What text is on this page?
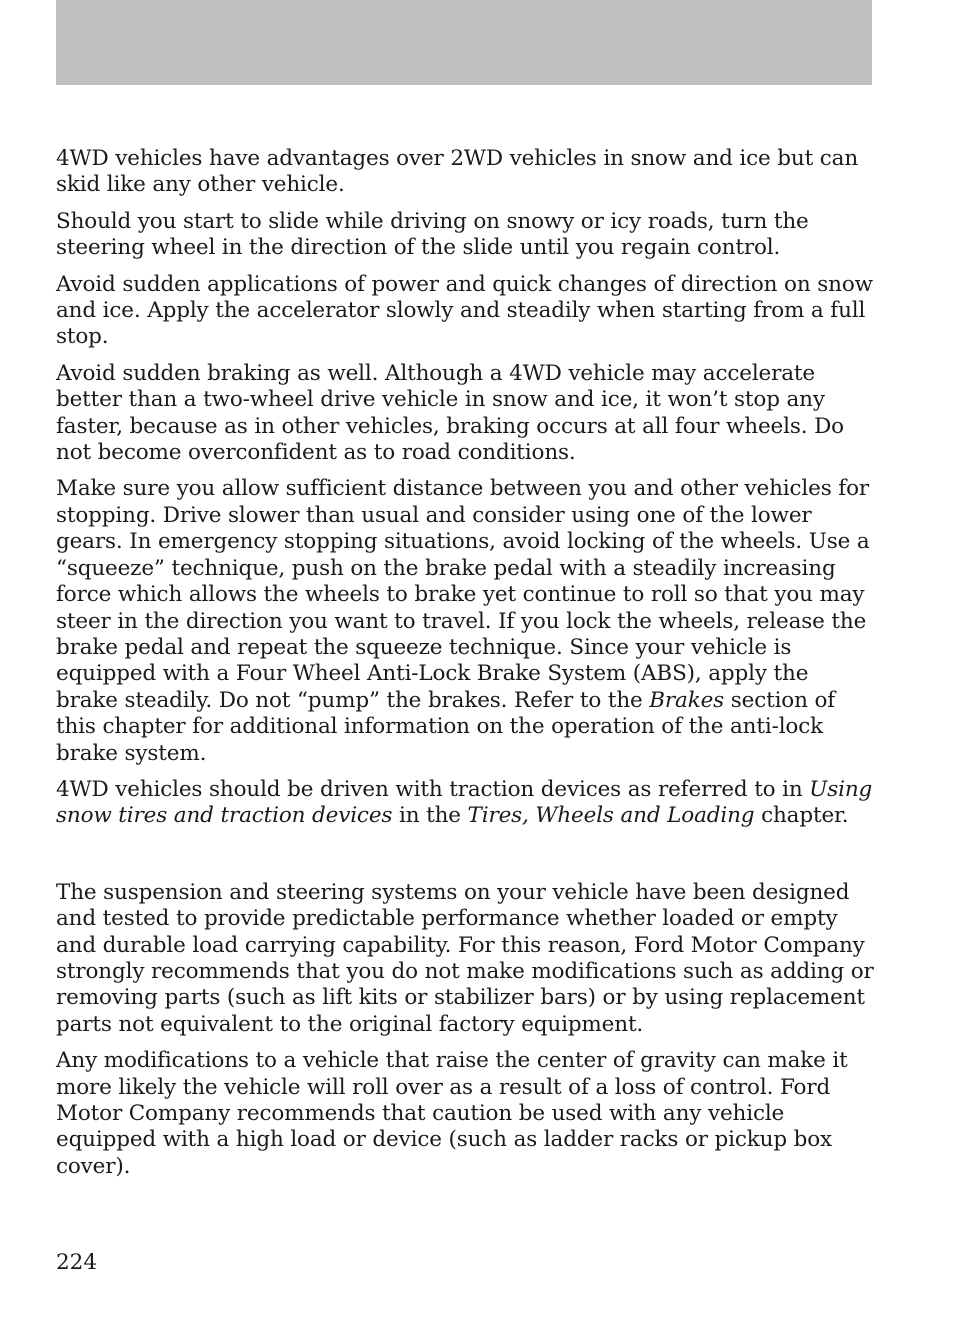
4WD vehicles have advantages over 2WD vehicles in snow and ice but can skid like any other vehicle.

Should you start to slide while driving on snowy or icy roads, turn the steering wheel in the direction of the slide until you regain control.

Avoid sudden applications of power and quick changes of direction on snow and ice. Apply the accelerator slowly and steadily when starting from a full stop.

Avoid sudden braking as well. Although a 4WD vehicle may accelerate better than a two-wheel drive vehicle in snow and ice, it won’t stop any faster, because as in other vehicles, braking occurs at all four wheels. Do not become overconfident as to road conditions.

Make sure you allow sufficient distance between you and other vehicles for stopping. Drive slower than usual and consider using one of the lower gears. In emergency stopping situations, avoid locking of the wheels. Use a “squeeze” technique, push on the brake pedal with a steadily increasing force which allows the wheels to brake yet continue to roll so that you may steer in the direction you want to travel. If you lock the wheels, release the brake pedal and repeat the squeeze technique. Since your vehicle is equipped with a Four Wheel Anti-Lock Brake System (ABS), apply the brake steadily. Do not “pump” the brakes. Refer to the Brakes section of this chapter for additional information on the operation of the anti-lock brake system.

4WD vehicles should be driven with traction devices as referred to in Using snow tires and traction devices in the Tires, Wheels and Loading chapter.

The suspension and steering systems on your vehicle have been designed and tested to provide predictable performance whether loaded or empty and durable load carrying capability. For this reason, Ford Motor Company strongly recommends that you do not make modifications such as adding or removing parts (such as lift kits or stabilizer bars) or by using replacement parts not equivalent to the original factory equipment.

Any modifications to a vehicle that raise the center of gravity can make it more likely the vehicle will roll over as a result of a loss of control. Ford Motor Company recommends that caution be used with any vehicle equipped with a high load or device (such as ladder racks or pickup box cover).

224
